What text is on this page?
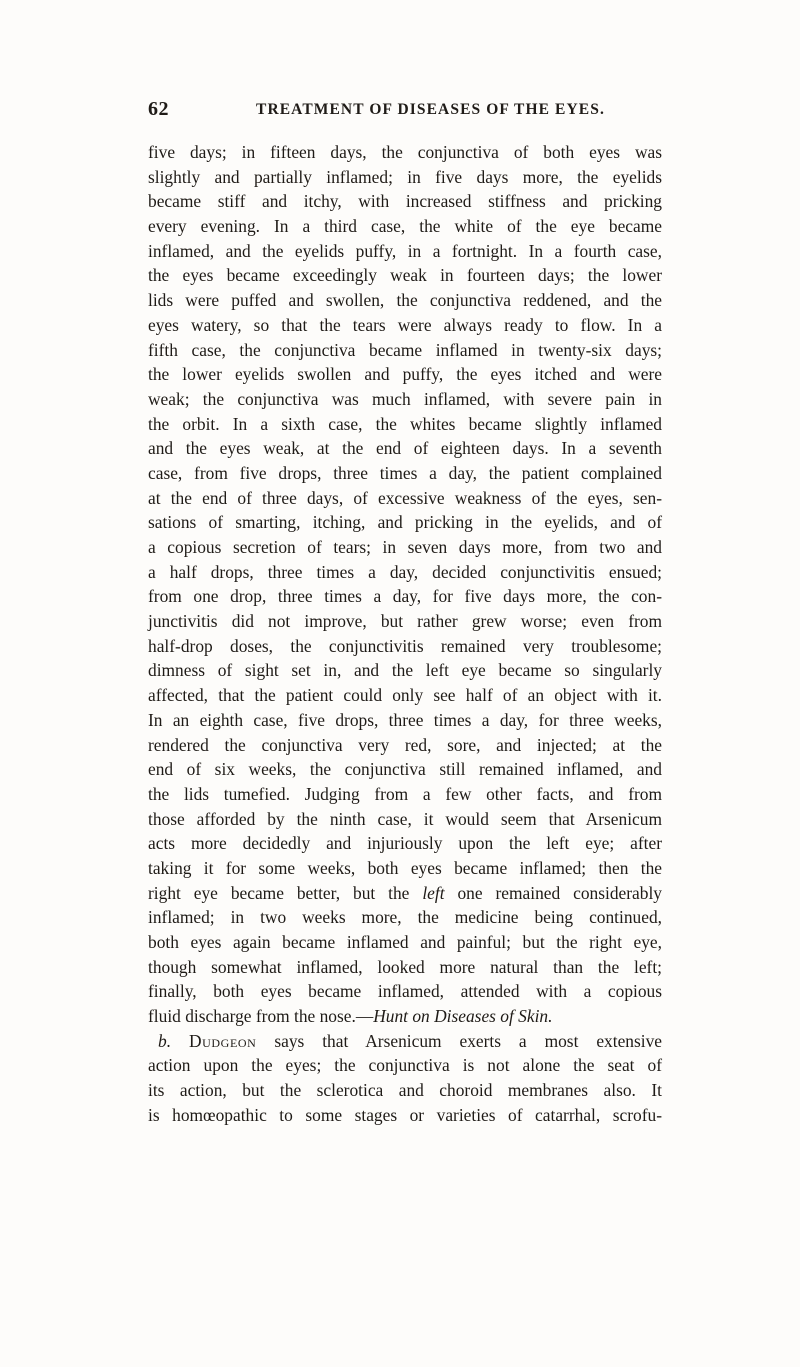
62	TREATMENT OF DISEASES OF THE EYES.
five days; in fifteen days, the conjunctiva of both eyes was
slightly and partially inflamed; in five days more, the eyelids
became stiff and itchy, with increased stiffness and pricking
every evening. In a third case, the white of the eye became
inflamed, and the eyelids puffy, in a fortnight. In a fourth case,
the eyes became exceedingly weak in fourteen days; the lower
lids were puffed and swollen, the conjunctiva reddened, and the
eyes watery, so that the tears were always ready to flow. In a
fifth case, the conjunctiva became inflamed in twenty-six days;
the lower eyelids swollen and puffy, the eyes itched and were
weak; the conjunctiva was much inflamed, with severe pain in
the orbit. In a sixth case, the whites became slightly inflamed
and the eyes weak, at the end of eighteen days. In a seventh
case, from five drops, three times a day, the patient complained
at the end of three days, of excessive weakness of the eyes, sen-
sations of smarting, itching, and pricking in the eyelids, and of
a copious secretion of tears; in seven days more, from two and
a half drops, three times a day, decided conjunctivitis ensued;
from one drop, three times a day, for five days more, the con-
junctivitis did not improve, but rather grew worse; even from
half-drop doses, the conjunctivitis remained very troublesome;
dimness of sight set in, and the left eye became so singularly
affected, that the patient could only see half of an object with it.
In an eighth case, five drops, three times a day, for three weeks,
rendered the conjunctiva very red, sore, and injected; at the
end of six weeks, the conjunctiva still remained inflamed, and
the lids tumefied. Judging from a few other facts, and from
those afforded by the ninth case, it would seem that Arsenicum
acts more decidedly and injuriously upon the left eye; after
taking it for some weeks, both eyes became inflamed; then the
right eye became better, but the left one remained considerably
inflamed; in two weeks more, the medicine being continued,
both eyes again became inflamed and painful; but the right eye,
though somewhat inflamed, looked more natural than the left;
finally, both eyes became inflamed, attended with a copious
fluid discharge from the nose.—Hunt on Diseases of Skin.
b. Dudgeon says that Arsenicum exerts a most extensive
action upon the eyes; the conjunctiva is not alone the seat of
its action, but the sclerotica and choroid membranes also. It
is homœopathic to some stages or varieties of catarrhal, scrofu-
